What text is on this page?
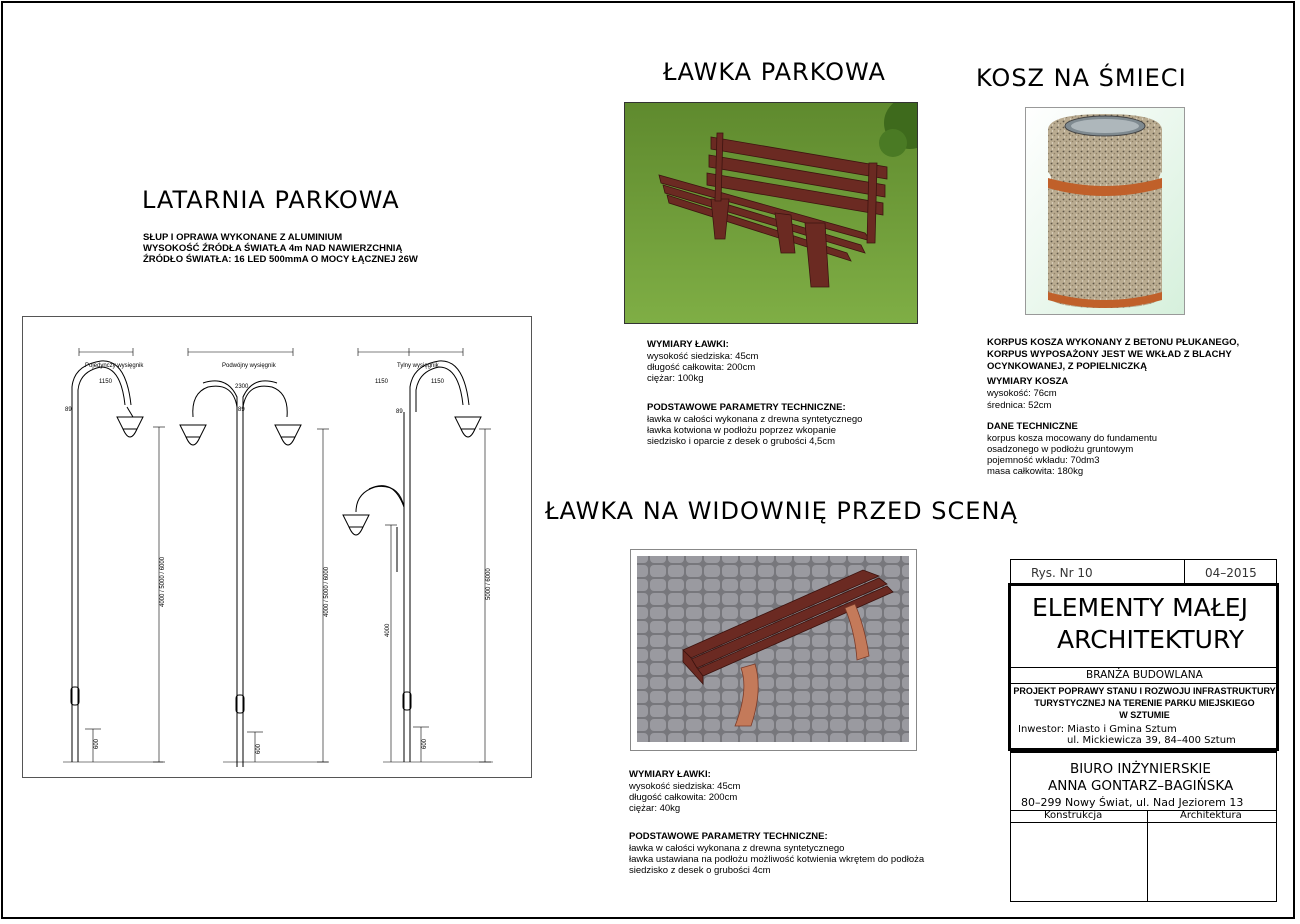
LATARNIA PARKOWA
SŁUP I OPRAWA WYKONANE Z ALUMINIUM
WYSOKOŚĆ ŹRÓDŁA ŚWIATŁA 4m NAD NAWIERZCHNIĄ
ŹRÓDŁO ŚWIATŁA: 16 LED 500mmA O MOCY ŁĄCZNEJ 26W
Pojedynczy wysięgnik	Podwójny wysięgnik	Tylny wysięgnik
1150
2300
1150	1150
89	89	89
4000 / 5000 / 6000	4000 / 5000 / 6000	5000 / 6000
4000
600	600	600
ŁAWKA PARKOWA
WYMIARY ŁAWKI:
wysokość siedziska: 45cm
długość całkowita: 200cm
ciężar: 100kg
PODSTAWOWE PARAMETRY TECHNICZNE:
ławka w całości wykonana z drewna syntetycznego
ławka kotwiona w podłożu poprzez wkopanie
siedzisko i oparcie z desek o grubości 4,5cm
KOSZ NA ŚMIECI
KORPUS KOSZA WYKONANY Z BETONU PŁUKANEGO,
KORPUS WYPOSAŻONY JEST WE WKŁAD Z BLACHY
OCYNKOWANEJ, Z POPIELNICZKĄ
WYMIARY KOSZA
wysokość: 76cm
średnica: 52cm
DANE TECHNICZNE
korpus kosza mocowany do fundamentu
osadzonego w podłożu gruntowym
pojemność wkładu: 70dm3
masa całkowita: 180kg
ŁAWKA NA WIDOWNIĘ PRZED SCENĄ
WYMIARY ŁAWKI:
wysokość siedziska: 45cm
długość całkowita: 200cm
ciężar: 40kg
PODSTAWOWE PARAMETRY TECHNICZNE:
ławka w całości wykonana z drewna syntetycznego
ławka ustawiana na podłożu możliwość kotwienia wkrętem do podłoża
siedzisko z desek o grubości 4cm
Rys. Nr 10	04–2015
ELEMENTY MAŁEJ
ARCHITEKTURY
BRANŻA BUDOWLANA
PROJEKT POPRAWY STANU I ROZWOJU INFRASTRUKTURY
TURYSTYCZNEJ NA TERENIE PARKU MIEJSKIEGO
W SZTUMIE
Inwestor: Miasto i Gmina Sztum
ul. Mickiewicza 39, 84–400 Sztum
BIURO INŻYNIERSKIE
ANNA GONTARZ–BAGIŃSKA
80–299 Nowy Świat, ul. Nad Jeziorem 13
Konstrukcja	Architektura
